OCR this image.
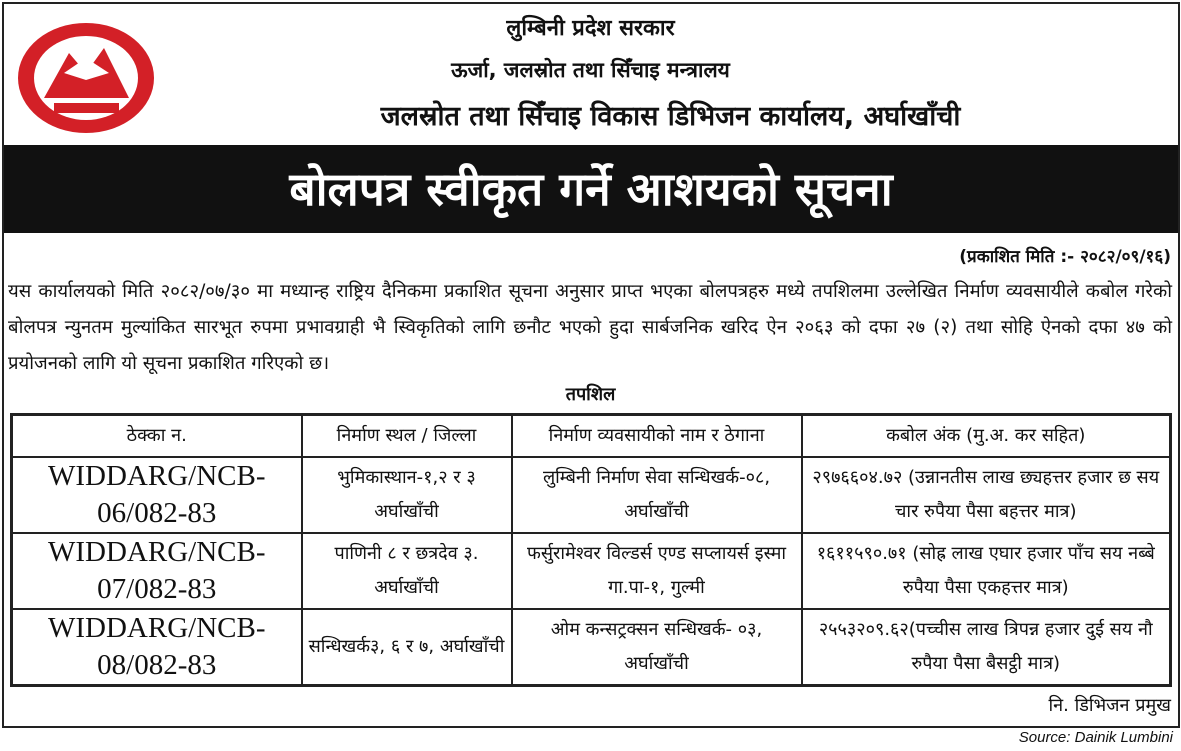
लुम्बिनी प्रदेश सरकार
ऊर्जा, जलस्रोत तथा सिँचाइ मन्त्रालय
जलस्रोत तथा सिँचाइ विकास डिभिजन कार्यालय, अर्घाखाँची
बोलपत्र स्वीकृत गर्ने आशयको सूचना
(प्रकाशित मिति :- २०८२/०९/१६)
यस कार्यालयको मिति २०८२/०७/३० मा मध्यान्ह राष्ट्रिय दैनिकमा प्रकाशित सूचना अनुसार प्राप्त भएका बोलपत्रहरु मध्ये तपशिलमा उल्लेखित निर्माण व्यवसायीले कबोल गरेको बोलपत्र न्युनतम मुल्यांकित सारभूत रुपमा प्रभावग्राही भै स्विकृतिको लागि छनौट भएको हुदा सार्बजनिक खरिद ऐन २०६३ को दफा २७ (२) तथा सोहि ऐनको दफा ४७ को प्रयोजनको लागि यो सूचना प्रकाशित गरिएको छ।
तपशिल
ठेक्का न.	निर्माण स्थल / जिल्ला	निर्माण व्यवसायीको नाम र ठेगाना	कबोल अंक (मु.अ. कर सहित)
WIDDARG/NCB-06/082-83	भुमिकास्थान-१,२ र ३ अर्घाखाँची	लुम्बिनी निर्माण सेवा सन्धिखर्क-०८, अर्घाखाँची	२९७६६०४.७२ (उन्नानतीस लाख छ्यहत्तर हजार छ सय चार रुपैया पैसा बहत्तर मात्र)
WIDDARG/NCB-07/082-83	पाणिनी ८ र छत्रदेव ३. अर्घाखाँची	फर्सुरामेश्वर विल्डर्स एण्ड सप्लायर्स इस्मा गा.पा-१, गुल्मी	१६११५९०.७१ (सोह्र लाख एघार हजार पाँच सय नब्बे रुपैया पैसा एकहत्तर मात्र)
WIDDARG/NCB-08/082-83	सन्धिखर्क३, ६ र ७, अर्घाखाँची	ओम कन्सट्रक्सन सन्धिखर्क- ०३, अर्घाखाँची	२५५३२०९.६२(पच्चीस लाख त्रिपन्न हजार दुई सय नौ रुपैया पैसा बैसट्ठी मात्र)
नि. डिभिजन प्रमुख
Source: Dainik Lumbini
